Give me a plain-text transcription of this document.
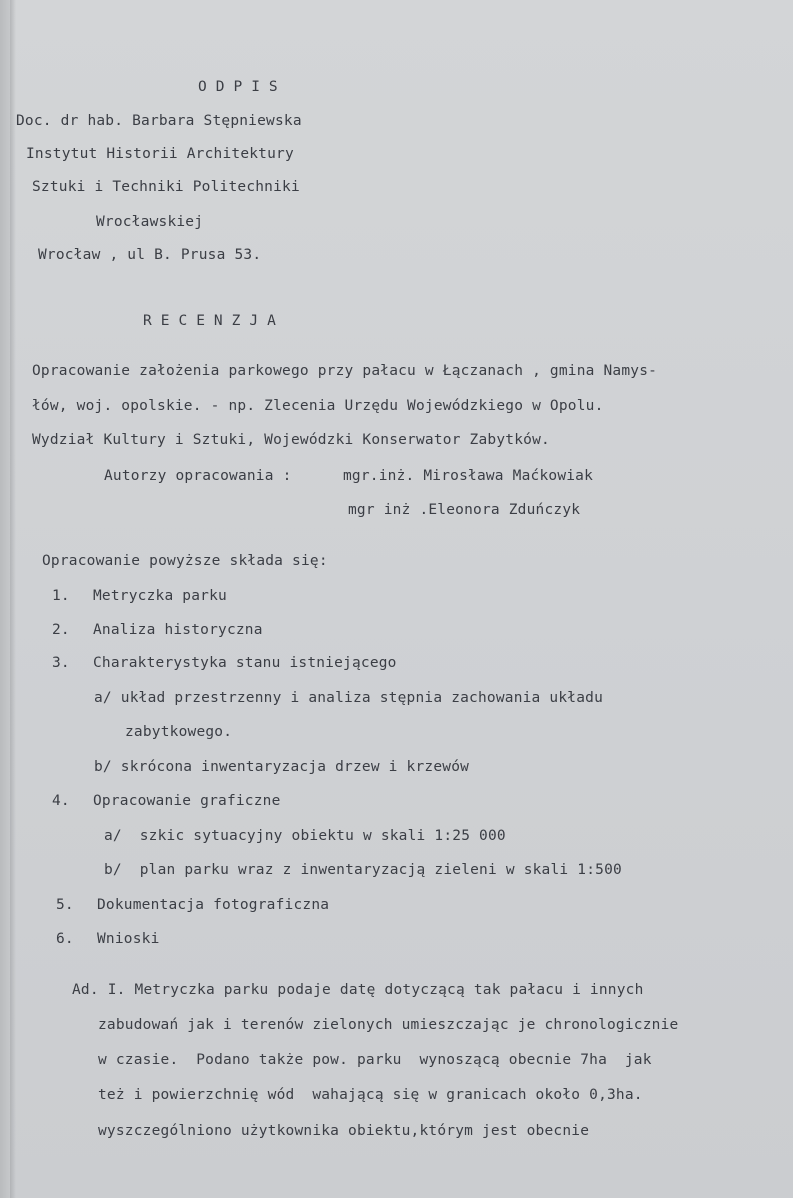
ODPIS
Doc. dr hab. Barbara Stępniewska
Instytut Historii Architektury
Sztuki i Techniki Politechniki
Wrocławskiej
Wrocław , ul B. Prusa 53.
RECENZJA
Opracowanie założenia parkowego przy pałacu w Łączanach , gmina Namys-
łów, woj. opolskie. - np. Zlecenia Urzędu Wojewódzkiego w Opolu.
Wydział Kultury i Sztuki, Wojewódzki Konserwator Zabytków.
Autorzy opracowania :	mgr.inż. Mirosława Maćkowiak
mgr inż .Eleonora Zduńczyk
Opracowanie powyższe składa się:
1. Metryczka parku
2. Analiza historyczna
3. Charakterystyka stanu istniejącego
a/ układ przestrzenny i analiza stępnia zachowania układu
zabytkowego.
b/ skrócona inwentaryzacja drzew i krzewów
4. Opracowanie graficzne
a/  szkic sytuacyjny obiektu w skali 1:25 000
b/  plan parku wraz z inwentaryzacją zieleni w skali 1:500
5. Dokumentacja fotograficzna
6. Wnioski
Ad. I. Metryczka parku podaje datę dotyczącą tak pałacu i innych
zabudowań jak i terenów zielonych umieszczając je chronologicznie
w czasie.  Podano także pow. parku  wynoszącą obecnie 7ha  jak
też i powierzchnię wód  wahającą się w granicach około 0,3ha.
wyszczególniono użytkownika obiektu,którym jest obecnie
